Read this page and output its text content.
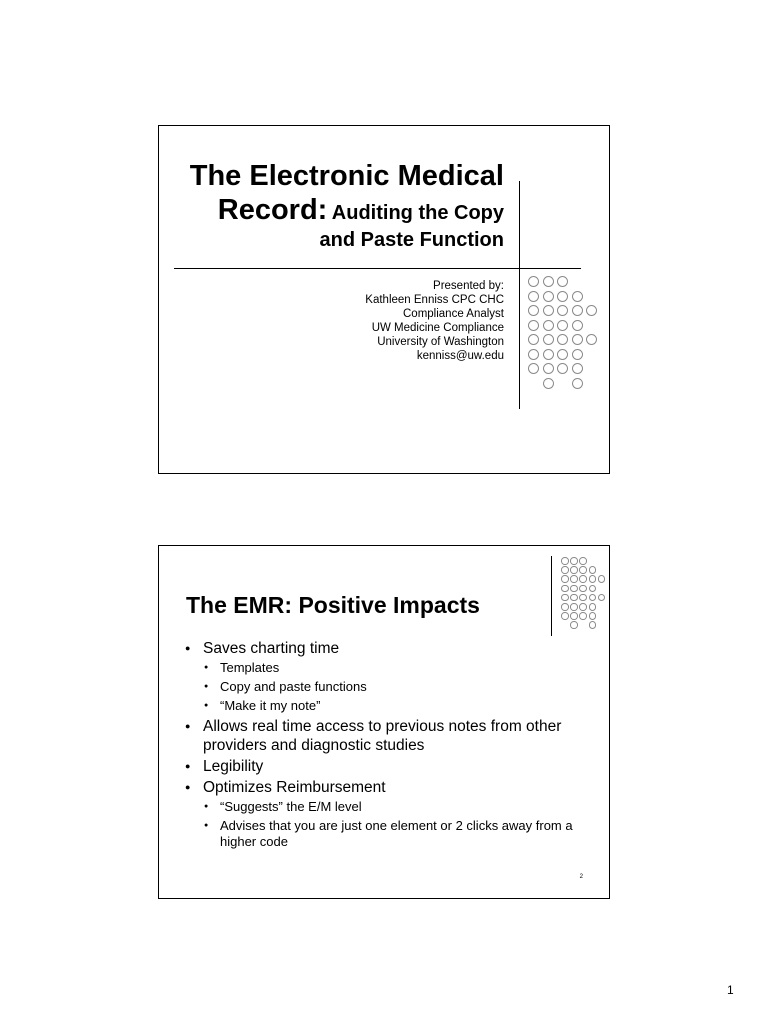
The Electronic Medical
Record: Auditing the Copy
and Paste Function
Presented by:
Kathleen Enniss CPC CHC
Compliance Analyst
UW Medicine Compliance
University of Washington
kenniss@uw.edu
The EMR: Positive Impacts
● Saves charting time
● Templates
● Copy and paste functions
● “Make it my note”
● Allows real time access to previous notes from other providers and diagnostic studies
● Legibility
● Optimizes Reimbursement
● “Suggests” the E/M level
● Advises that you are just one element or 2 clicks away from a higher code
2
1
